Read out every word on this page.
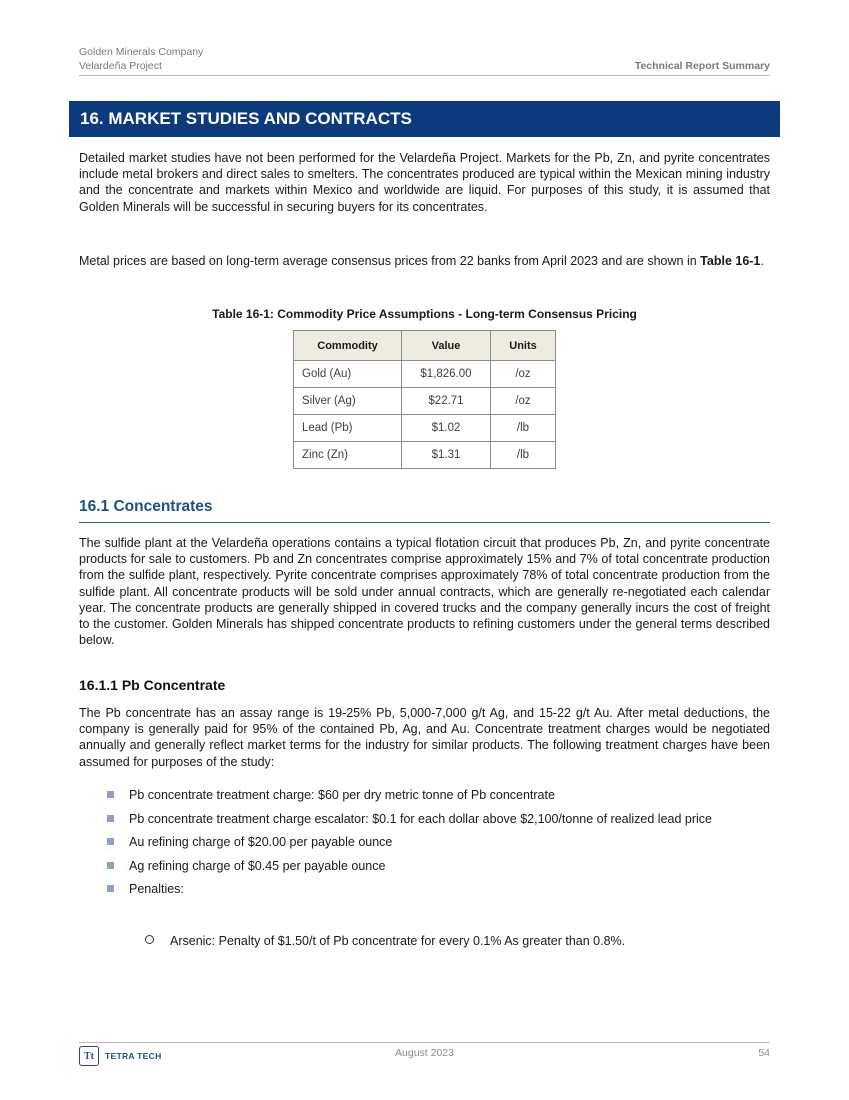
Golden Minerals Company
Velardeña Project	Technical Report Summary
16. MARKET STUDIES AND CONTRACTS

Detailed market studies have not been performed for the Velardeña Project. Markets for the Pb, Zn, and pyrite concentrates include metal brokers and direct sales to smelters. The concentrates produced are typical within the Mexican mining industry and the concentrate and markets within Mexico and worldwide are liquid. For purposes of this study, it is assumed that Golden Minerals will be successful in securing buyers for its concentrates.

Metal prices are based on long-term average consensus prices from 22 banks from April 2023 and are shown in Table 16-1.

Table 16-1: Commodity Price Assumptions - Long-term Consensus Pricing
Commodity	Value	Units
Gold (Au)	$1,826.00	/oz
Silver (Ag)	$22.71	/oz
Lead (Pb)	$1.02	/lb
Zinc (Zn)	$1.31	/lb
16.1 Concentrates

The sulfide plant at the Velardeña operations contains a typical flotation circuit that produces Pb, Zn, and pyrite concentrate products for sale to customers. Pb and Zn concentrates comprise approximately 15% and 7% of total concentrate production from the sulfide plant, respectively. Pyrite concentrate comprises approximately 78% of total concentrate production from the sulfide plant. All concentrate products will be sold under annual contracts, which are generally re-negotiated each calendar year. The concentrate products are generally shipped in covered trucks and the company generally incurs the cost of freight to the customer. Golden Minerals has shipped concentrate products to refining customers under the general terms described below.

16.1.1 Pb Concentrate

The Pb concentrate has an assay range is 19-25% Pb, 5,000-7,000 g/t Ag, and 15-22 g/t Au. After metal deductions, the company is generally paid for 95% of the contained Pb, Ag, and Au. Concentrate treatment charges would be negotiated annually and generally reflect market terms for the industry for similar products. The following treatment charges have been assumed for purposes of the study:

Pb concentrate treatment charge: $60 per dry metric tonne of Pb concentrate
Pb concentrate treatment charge escalator: $0.1 for each dollar above $2,100/tonne of realized lead price
Au refining charge of $20.00 per payable ounce
Ag refining charge of $0.45 per payable ounce
Penalties:
Arsenic: Penalty of $1.50/t of Pb concentrate for every 0.1% As greater than 0.8%.
Tt	TETRA TECH	August 2023	54
